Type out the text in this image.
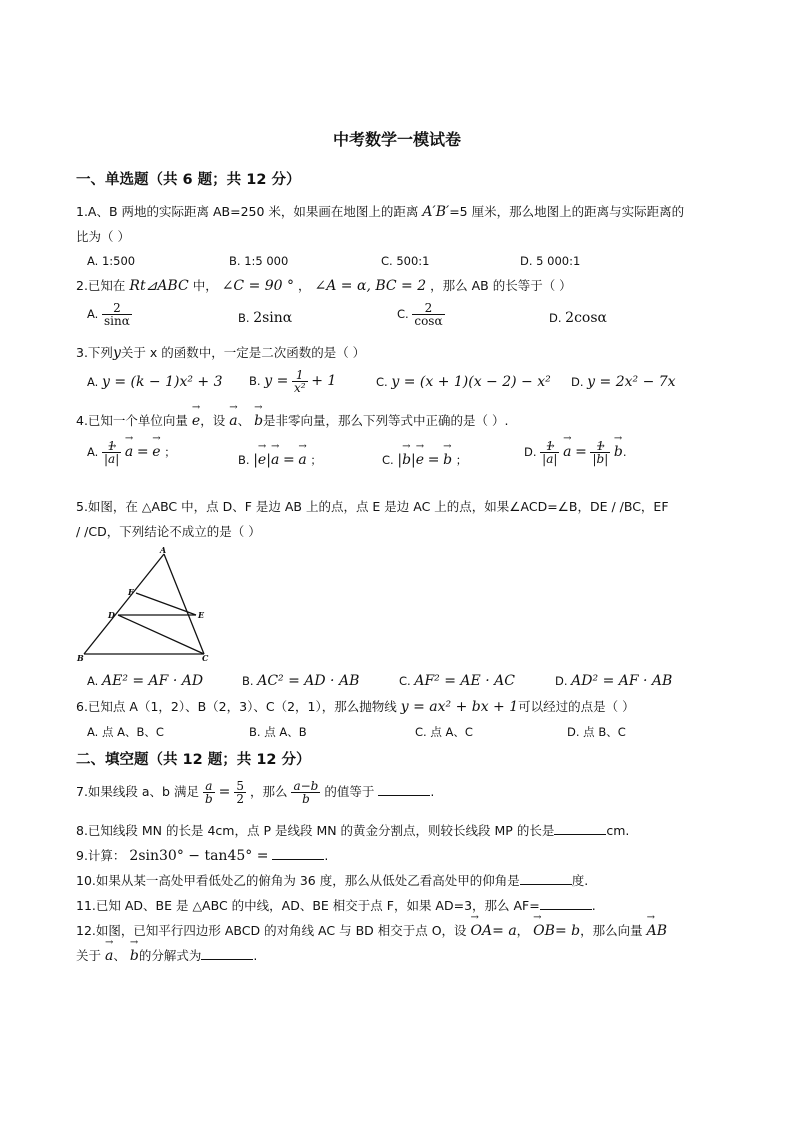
中考数学一模试卷
一、单选题（共 6 题；共 12 分）
1.A、B 两地的实际距离 AB=250 米，如果画在地图上的距离 A′B′=5 厘米，那么地图上的距离与实际距离的
比为（ ）
A. 1:500	B. 1:5 000	C. 500:1	D. 5 000:1
2.已知在 Rt⊿ABC 中， ∠C = 90 ° ， ∠A = α, BC = 2 ，那么 AB 的长等于（ ）
A. $\frac{2}{\sin\alpha}$	B. 2sinα	C. $\frac{2}{\cos\alpha}$	D. 2cosα
3.下列y关于 x 的函数中，一定是二次函数的是（ ）
A. y = (k − 1)x² + 3 B. $y = \frac{1}{\text{x²}} + 1$	C. y = (x + 1)(x − 2) − x² D. y = 2x² − 7x
4.已知一个单位向量 → e，设 → a、 → b是非零向量，那么下列等式中正确的是（ ）.
A. $\frac{1}{|\to a|}$
→ a = → e ；
B. |→ e|→ a = → a ；	C. |→ b|→ e = → b ；
D. $\frac{1}{|\to a|}$
→ $a = \frac{1}{|\to b|}$
→ b.
5.如图，在 △ABC 中，点 D、F 是边 AB 上的点，点 E 是边 AC 上的点，如果∠ACD=∠B，DE / /BC，EF
/ /CD，下列结论不成立的是（ ）
A
B	C
D	E
F
A. AE² = AF · AD	B. AC² = AD · AB	C. AF² = AE · AC	D. AD² = AF · AB
6.已知点 A（1，2）、B（2，3）、C（2，1），那么抛物线 y = ax² + bx + 1可以经过的点是（ ）
A. 点 A、B、C	B. 点 A、B	C. 点 A、C	D. 点 B、C
二、填空题（共 12 题；共 12 分）
7.如果线段 a、b 满足 $\frac{a}{b} = \frac{5}{2}$ ，那么 $\frac{a-b}{b}$ 的值等于	.
8.已知线段 MN 的长是 4cm，点 P 是线段 MN 的黄金分割点，则较长线段 MP 的长是	cm.
9.计算： 2sin30° − tan45° =	.
10.如果从某一高处甲看低处乙的俯角为 36 度，那么从低处乙看高处甲的仰角是	度.
11.已知 AD、BE 是 △ABC 的中线，AD、BE 相交于点 F，如果 AD=3，那么 AF=	.
12.如图，已知平行四边形 ABCD 的对角线 AC 与 BD 相交于点 O，设 → OA= a， → OB= b，那么向量 → AB
关于 → a、 → b的分解式为	.
